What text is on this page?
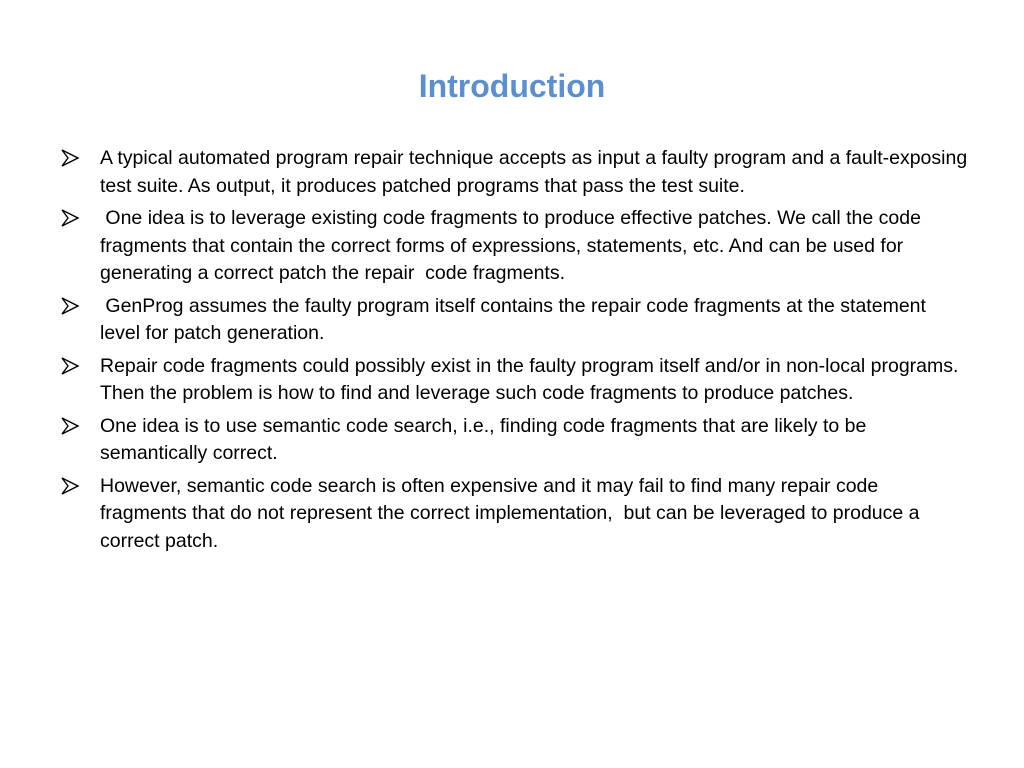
Introduction
A typical automated program repair technique accepts as input a faulty program and a fault-exposing test suite. As output, it produces patched programs that pass the test suite.
One idea is to leverage existing code fragments to produce effective patches. We call the code fragments that contain the correct forms of expressions, statements, etc. And can be used for generating a correct patch the repair  code fragments.
GenProg assumes the faulty program itself contains the repair code fragments at the statement level for patch generation.
Repair code fragments could possibly exist in the faulty program itself and/or in non-local programs. Then the problem is how to find and leverage such code fragments to produce patches.
One idea is to use semantic code search, i.e., finding code fragments that are likely to be semantically correct.
However, semantic code search is often expensive and it may fail to find many repair code fragments that do not represent the correct implementation,  but can be leveraged to produce a correct patch.
